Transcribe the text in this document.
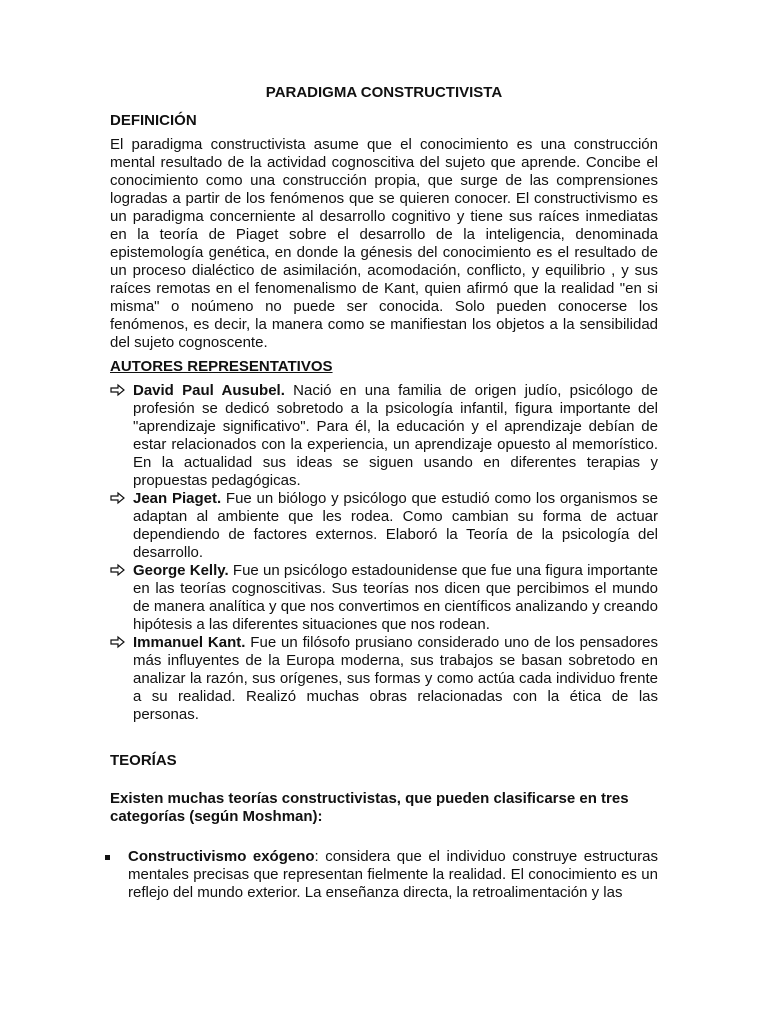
PARADIGMA CONSTRUCTIVISTA
DEFINICIÓN

El paradigma constructivista asume que el conocimiento es una construcción mental resultado de la actividad cognoscitiva del sujeto que aprende. Concibe el conocimiento como una construcción propia, que surge de las comprensiones logradas a partir de los fenómenos que se quieren conocer. El constructivismo es un paradigma concerniente al desarrollo cognitivo y tiene sus raíces inmediatas en la teoría de Piaget sobre el desarrollo de la inteligencia, denominada epistemología genética, en donde la génesis del conocimiento es el resultado de un proceso dialéctico de asimilación, acomodación, conflicto, y equilibrio , y sus raíces remotas en el fenomenalismo de Kant, quien afirmó que la realidad "en si misma" o noúmeno no puede ser conocida. Solo pueden conocerse los fenómenos, es decir, la manera como se manifiestan los objetos a la sensibilidad del sujeto cognoscente.

AUTORES REPRESENTATIVOS
David Paul Ausubel. Nació en una familia de origen judío, psicólogo de profesión se dedicó sobretodo a la psicología infantil, figura importante del "aprendizaje significativo". Para él, la educación y el aprendizaje debían de estar relacionados con la experiencia, un aprendizaje opuesto al memorístico. En la actualidad sus ideas se siguen usando en diferentes terapias y propuestas pedagógicas.
Jean Piaget. Fue un biólogo y psicólogo que estudió como los organismos se adaptan al ambiente que les rodea. Como cambian su forma de actuar dependiendo de factores externos. Elaboró la Teoría de la psicología del desarrollo.
George Kelly. Fue un psicólogo estadounidense que fue una figura importante en las teorías cognoscitivas. Sus teorías nos dicen que percibimos el mundo de manera analítica y que nos convertimos en científicos analizando y creando hipótesis a las diferentes situaciones que nos rodean.
Immanuel Kant. Fue un filósofo prusiano considerado uno de los pensadores más influyentes de la Europa moderna, sus trabajos se basan sobretodo en analizar la razón, sus orígenes, sus formas y como actúa cada individuo frente a su realidad. Realizó muchas obras relacionadas con la ética de las personas.
TEORÍAS

Existen muchas teorías constructivistas, que pueden clasificarse en tres categorías (según Moshman):

Constructivismo exógeno: considera que el individuo construye estructuras mentales precisas que representan fielmente la realidad. El conocimiento es un reflejo del mundo exterior. La enseñanza directa, la retroalimentación y las
